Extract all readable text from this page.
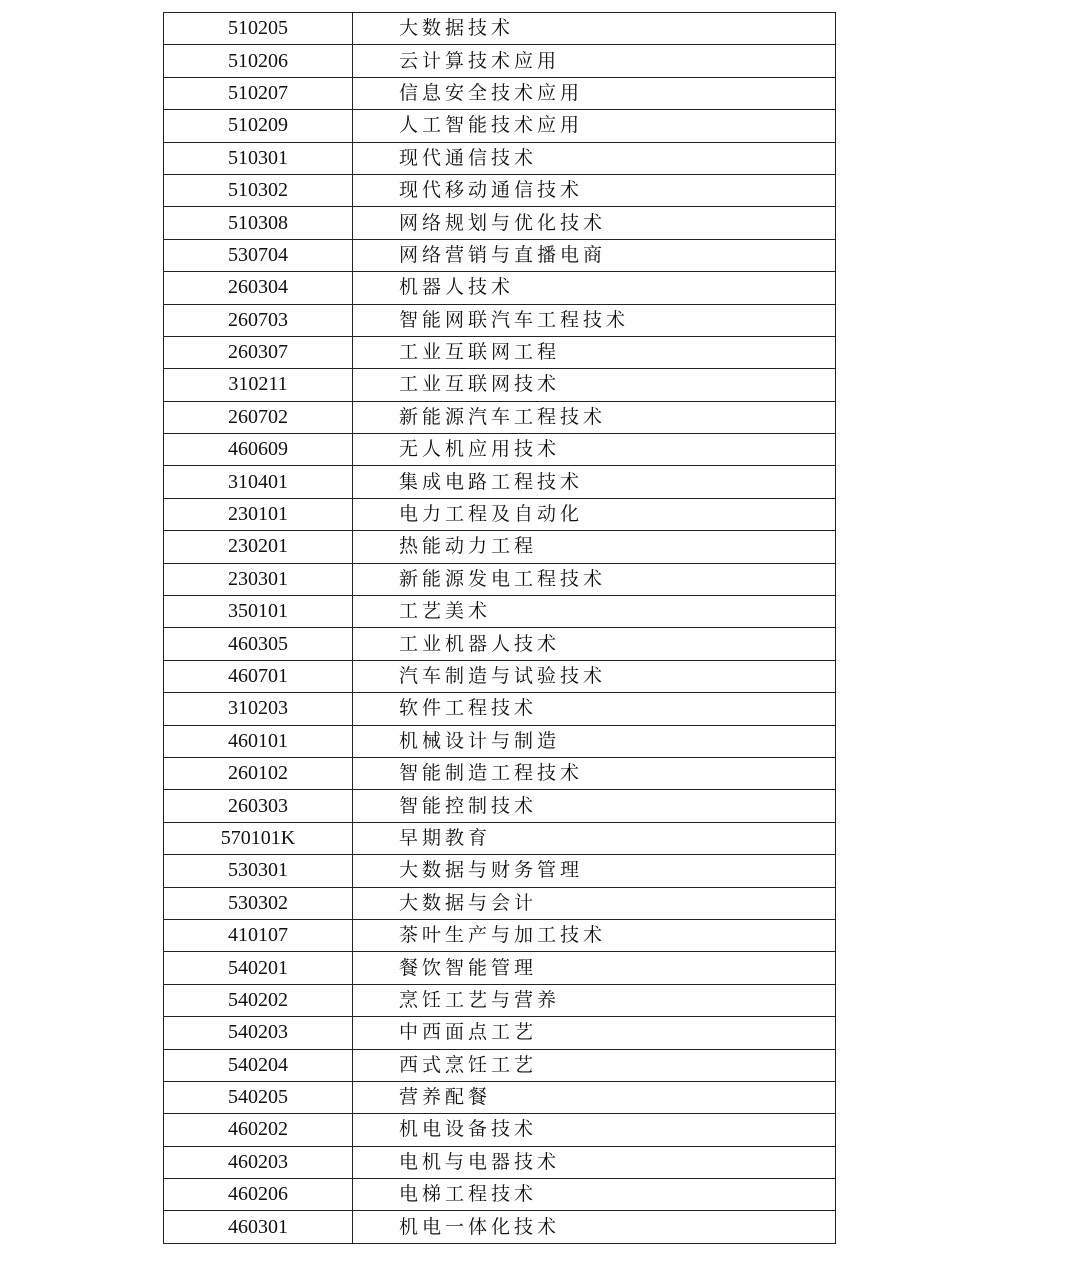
510205	大数据技术
510206	云计算技术应用
510207	信息安全技术应用
510209	人工智能技术应用
510301	现代通信技术
510302	现代移动通信技术
510308	网络规划与优化技术
530704	网络营销与直播电商
260304	机器人技术
260703	智能网联汽车工程技术
260307	工业互联网工程
310211	工业互联网技术
260702	新能源汽车工程技术
460609	无人机应用技术
310401	集成电路工程技术
230101	电力工程及自动化
230201	热能动力工程
230301	新能源发电工程技术
350101	工艺美术
460305	工业机器人技术
460701	汽车制造与试验技术
310203	软件工程技术
460101	机械设计与制造
260102	智能制造工程技术
260303	智能控制技术
570101K	早期教育
530301	大数据与财务管理
530302	大数据与会计
410107	茶叶生产与加工技术
540201	餐饮智能管理
540202	烹饪工艺与营养
540203	中西面点工艺
540204	西式烹饪工艺
540205	营养配餐
460202	机电设备技术
460203	电机与电器技术
460206	电梯工程技术
460301	机电一体化技术
